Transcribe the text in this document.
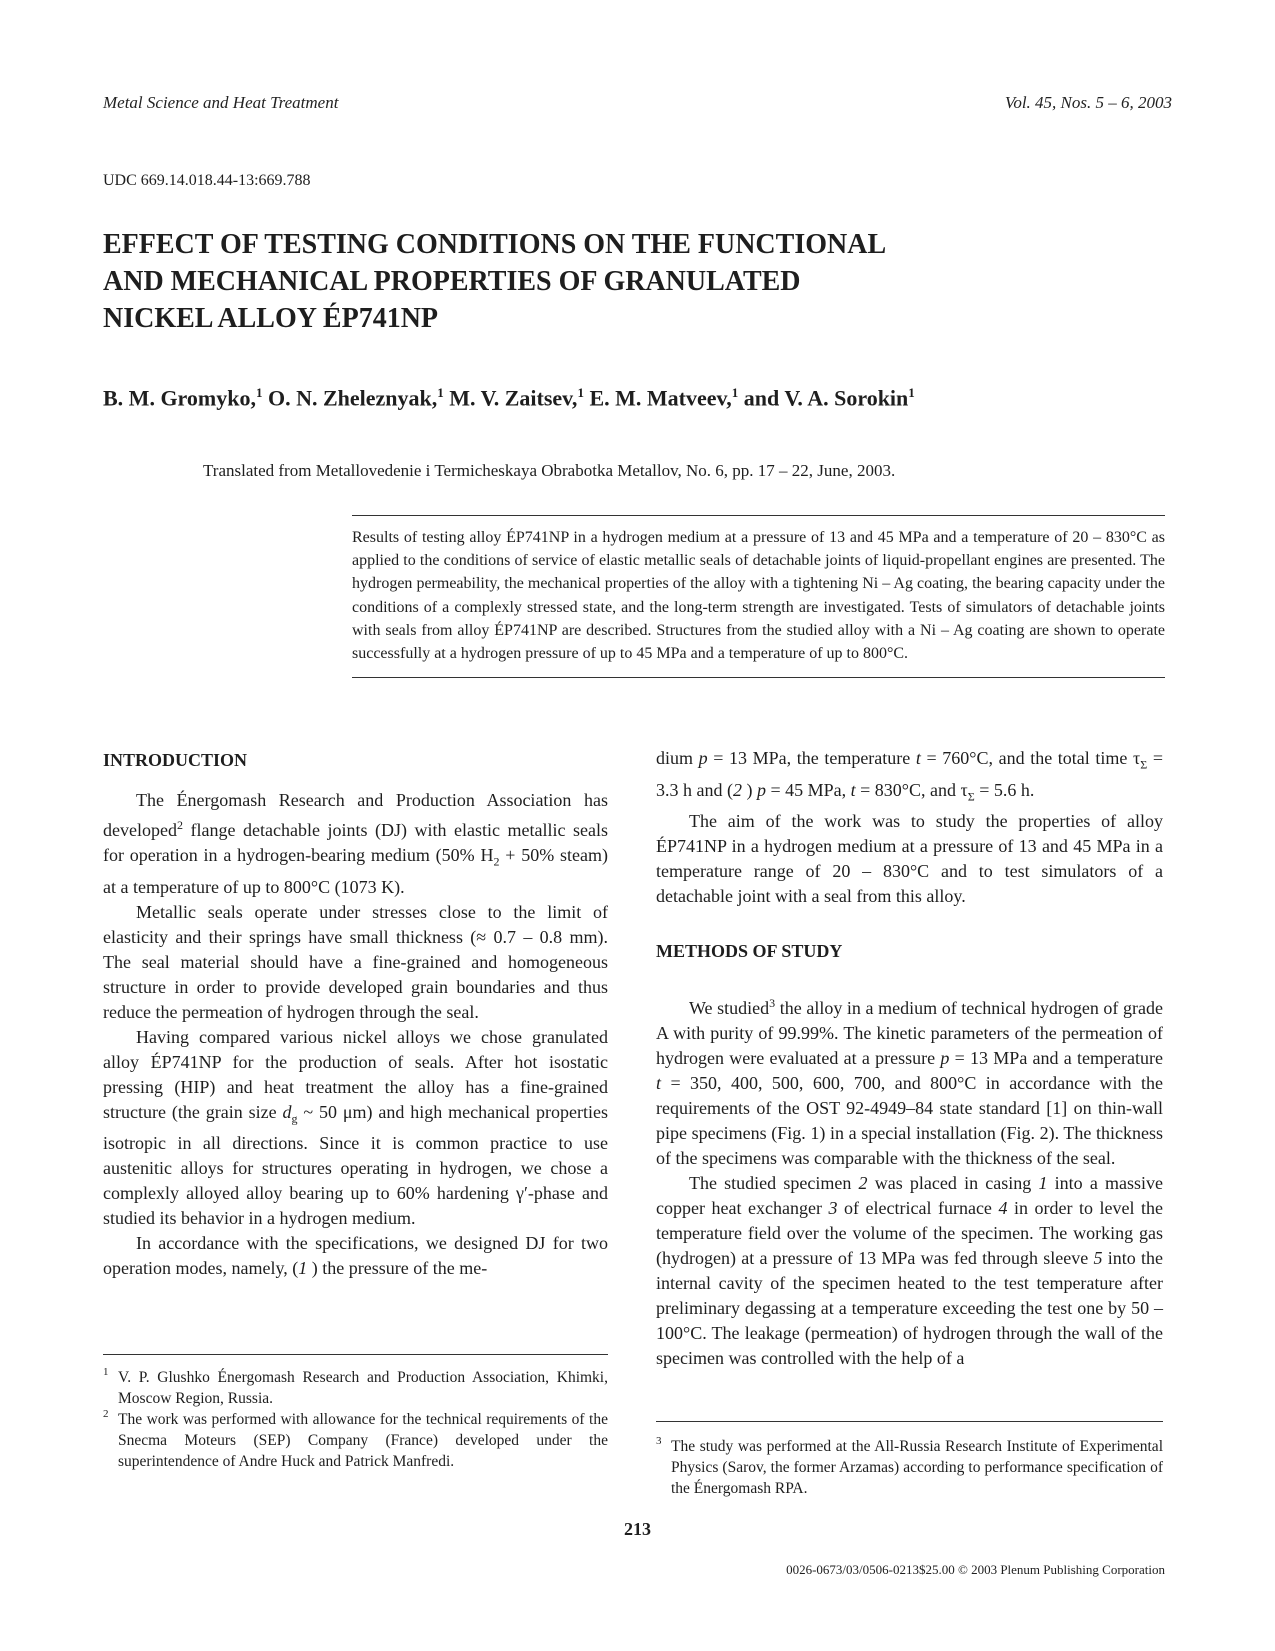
Metal Science and Heat Treatment	Vol. 45, Nos. 5 – 6, 2003
UDC 669.14.018.44-13:669.788
EFFECT OF TESTING CONDITIONS ON THE FUNCTIONAL
AND MECHANICAL PROPERTIES OF GRANULATED
NICKEL ALLOY ÉP741NP
B. M. Gromyko,$^1$ O. N. Zheleznyak,$^1$ M. V. Zaitsev,$^1$ E. M. Matveev,$^1$ and V. A. Sorokin$^1$
Translated from Metallovedenie i Termicheskaya Obrabotka Metallov, No. 6, pp. 17 – 22, June, 2003.
Results of testing alloy ÉP741NP in a hydrogen medium at a pressure of 13 and 45 MPa and a temperature of 20 – 830°C as applied to the conditions of service of elastic metallic seals of detachable joints of liquid-propellant engines are presented. The hydrogen permeability, the mechanical properties of the alloy with a tightening Ni – Ag coating, the bearing capacity under the conditions of a complexly stressed state, and the long-term strength are investigated. Tests of simulators of detachable joints with seals from alloy ÉP741NP are described. Structures from the studied alloy with a Ni – Ag coating are shown to operate successfully at a hydrogen pressure of up to 45 MPa and a temperature of up to 800°C.
INTRODUCTION

The Énergomash Research and Production Association has developed$^2$ flange detachable joints (DJ) with elastic metallic seals for operation in a hydrogen-bearing medium (50% $H_2 + 50\%$ steam) at a temperature of up to 800°C (1073 K).

Metallic seals operate under stresses close to the limit of elasticity and their springs have small thickness (≈ 0.7 – 0.8 mm). The seal material should have a fine-grained and homogeneous structure in order to provide developed grain boundaries and thus reduce the permeation of hydrogen through the seal.

Having compared various nickel alloys we chose granulated alloy ÉP741NP for the production of seals. After hot isostatic pressing (HIP) and heat treatment the alloy has a fine-grained structure (the grain size $d_g$ ~ 50 μm) and high mechanical properties isotropic in all directions. Since it is common practice to use austenitic alloys for structures operating in hydrogen, we chose a complexly alloyed alloy bearing up to 60% hardening γ′-phase and studied its behavior in a hydrogen medium.

In accordance with the specifications, we designed DJ for two operation modes, namely, (1 ) the pressure of the me-

dium p = 13 MPa, the temperature t = 760°C, and the total time $\tau_\Sigma = 3.3$ h and (2 ) p = 45 MPa, t = 830°C, and $\tau_\Sigma = 5.6$ h.

The aim of the work was to study the properties of alloy ÉP741NP in a hydrogen medium at a pressure of 13 and 45 MPa in a temperature range of 20 – 830°C and to test simulators of a detachable joint with a seal from this alloy.

METHODS OF STUDY

We studied$^3$ the alloy in a medium of technical hydrogen of grade A with purity of 99.99%. The kinetic parameters of the permeation of hydrogen were evaluated at a pressure p = 13 MPa and a temperature t = 350, 400, 500, 600, 700, and 800°C in accordance with the requirements of the OST 92-4949–84 state standard [1] on thin-wall pipe specimens (Fig. 1) in a special installation (Fig. 2). The thickness of the specimens was comparable with the thickness of the seal.

The studied specimen 2 was placed in casing 1 into a massive copper heat exchanger 3 of electrical furnace 4 in order to level the temperature field over the volume of the specimen. The working gas (hydrogen) at a pressure of 13 MPa was fed through sleeve 5 into the internal cavity of the specimen heated to the test temperature after preliminary degassing at a temperature exceeding the test one by 50 – 100°C. The leakage (permeation) of hydrogen through the wall of the specimen was controlled with the help of a

1 V. P. Glushko Énergomash Research and Production Association, Khimki, Moscow Region, Russia.
2 The work was performed with allowance for the technical requirements of the Snecma Moteurs (SEP) Company (France) developed under the superintendence of Andre Huck and Patrick Manfredi.
3 The study was performed at the All-Russia Research Institute of Experimental Physics (Sarov, the former Arzamas) according to performance specification of the Énergomash RPA.
213
0026-0673/03/0506-0213$25.00 © 2003 Plenum Publishing Corporation
